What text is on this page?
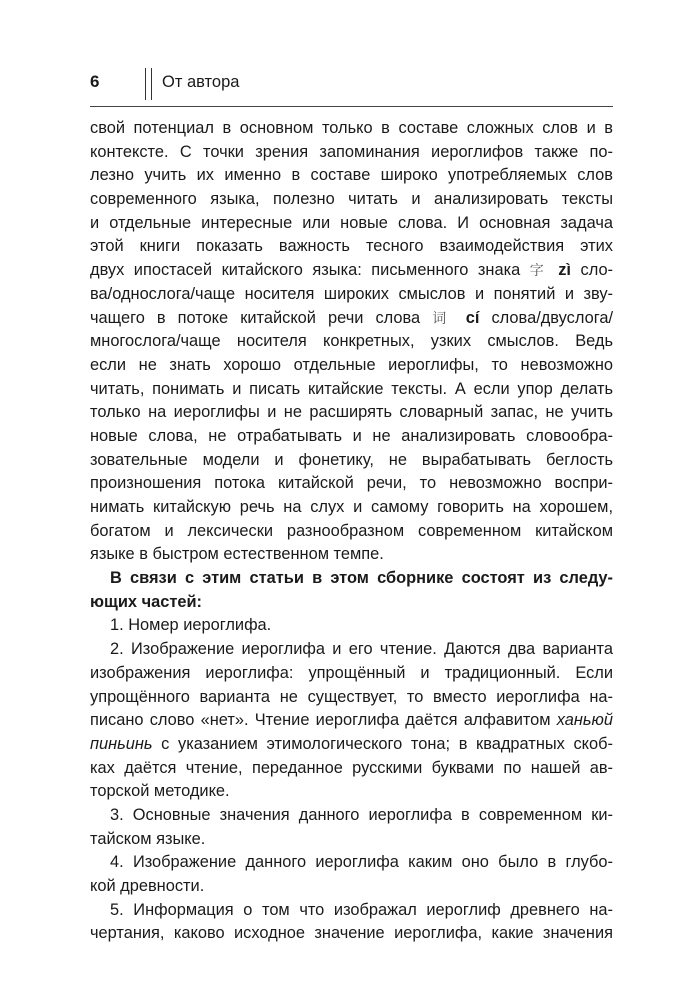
6	От автора
свой потенциал в основном только в составе сложных слов и в
контексте. С точки зрения запоминания иероглифов также по-
лезно учить их именно в составе широко употребляемых слов
современного языка, полезно читать и анализировать тексты
и отдельные интересные или новые слова. И основная задача
этой книги показать важность тесного взаимодействия этих
двух ипостасей китайского языка: письменного знака 字 zì сло-
ва/однослога/чаще носителя широких смыслов и понятий и зву-
чащего в потоке китайской речи слова 词 cí слова/двуслога/
многослога/чаще носителя конкретных, узких смыслов. Ведь
если не знать хорошо отдельные иероглифы, то невозможно
читать, понимать и писать китайские тексты. А если упор делать
только на иероглифы и не расширять словарный запас, не учить
новые слова, не отрабатывать и не анализировать словообра-
зовательные модели и фонетику, не вырабатывать беглость
произношения потока китайской речи, то невозможно воспри-
нимать китайскую речь на слух и самому говорить на хорошем,
богатом и лексически разнообразном современном китайском
языке в быстром естественном темпе.
В связи с этим статьи в этом сборнике состоят из следу-
ющих частей:
1. Номер иероглифа.
2. Изображение иероглифа и его чтение. Даются два варианта
изображения иероглифа: упрощённый и традиционный. Если
упрощённого варианта не существует, то вместо иероглифа на-
писано слово «нет». Чтение иероглифа даётся алфавитом ханьюй
пиньинь с указанием этимологического тона; в квадратных скоб-
ках даётся чтение, переданное русскими буквами по нашей ав-
торской методике.
3. Основные значения данного иероглифа в современном ки-
тайском языке.
4. Изображение данного иероглифа каким оно было в глубо-
кой древности.
5. Информация о том что изображал иероглиф древнего на-
чертания, каково исходное значение иероглифа, какие значения
